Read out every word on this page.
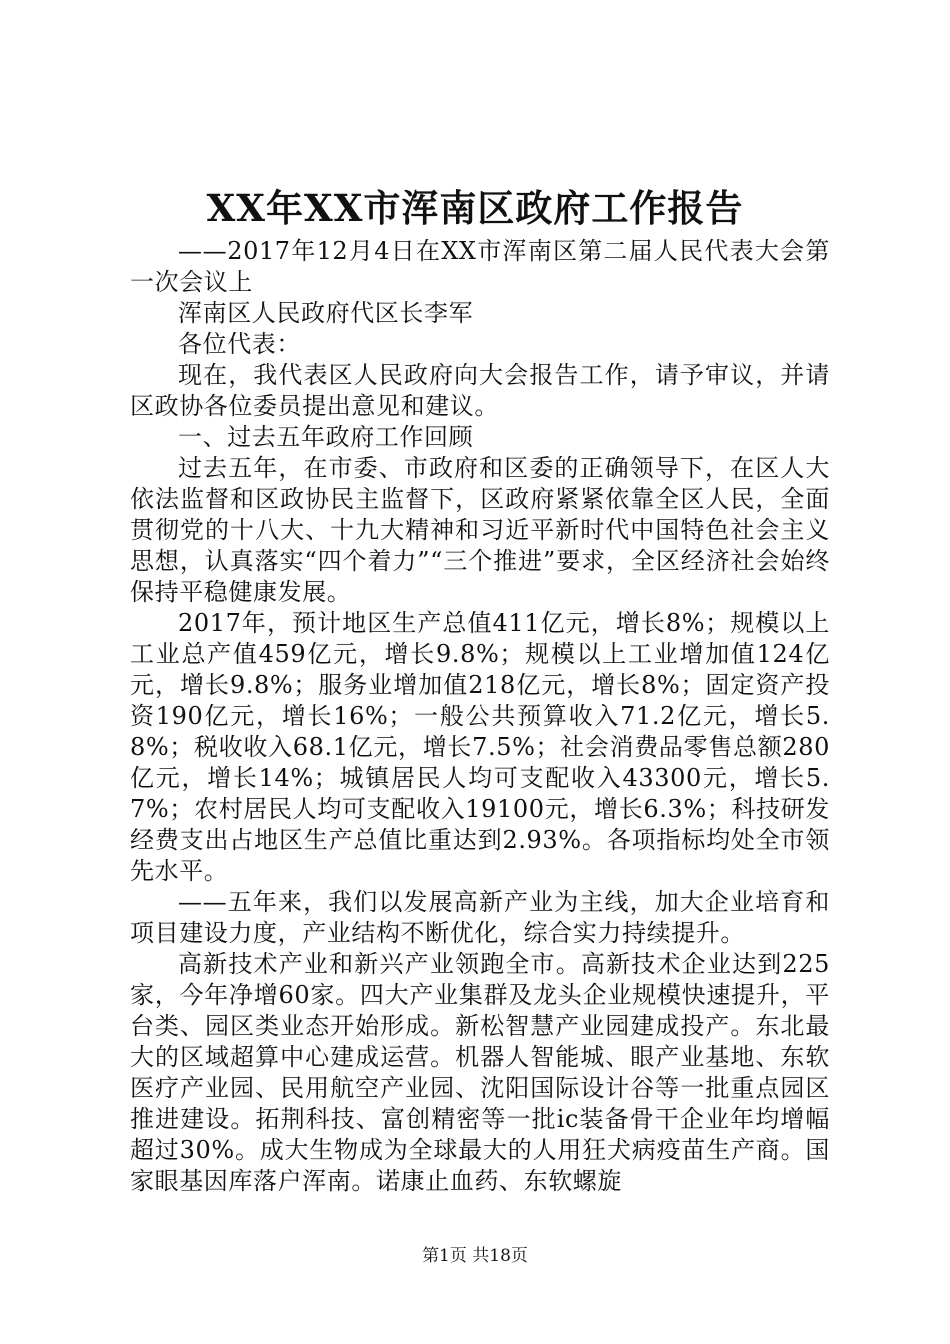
XX年XX市浑南区政府工作报告

——2017年12月4日在XX市浑南区第二届人民代表大会第一次会议上

浑南区人民政府代区长李军

各位代表：

现在，我代表区人民政府向大会报告工作，请予审议，并请区政协各位委员提出意见和建议。

一、过去五年政府工作回顾

过去五年，在市委、市政府和区委的正确领导下，在区人大依法监督和区政协民主监督下，区政府紧紧依靠全区人民，全面贯彻党的十八大、十九大精神和习近平新时代中国特色社会主义思想，认真落实“四个着力”“三个推进”要求，全区经济社会始终保持平稳健康发展。

2017年，预计地区生产总值411亿元，增长8%；规模以上工业总产值459亿元，增长9.8%；规模以上工业增加值124亿元，增长9.8%；服务业增加值218亿元，增长8%；固定资产投资190亿元，增长16%；一般公共预算收入71.2亿元，增长5.8%；税收收入68.1亿元，增长7.5%；社会消费品零售总额280亿元，增长14%；城镇居民人均可支配收入43300元，增长5.7%；农村居民人均可支配收入19100元，增长6.3%；科技研发经费支出占地区生产总值比重达到2.93%。各项指标均处全市领先水平。

——五年来，我们以发展高新产业为主线，加大企业培育和项目建设力度，产业结构不断优化，综合实力持续提升。

高新技术产业和新兴产业领跑全市。高新技术企业达到225家，今年净增60家。四大产业集群及龙头企业规模快速提升，平台类、园区类业态开始形成。新松智慧产业园建成投产。东北最大的区域超算中心建成运营。机器人智能城、眼产业基地、东软医疗产业园、民用航空产业园、沈阳国际设计谷等一批重点园区推进建设。拓荆科技、富创精密等一批ic装备骨干企业年均增幅超过30%。成大生物成为全球最大的人用狂犬病疫苗生产商。国家眼基因库落户浑南。诺康止血药、东软螺旋

第1页 共18页
